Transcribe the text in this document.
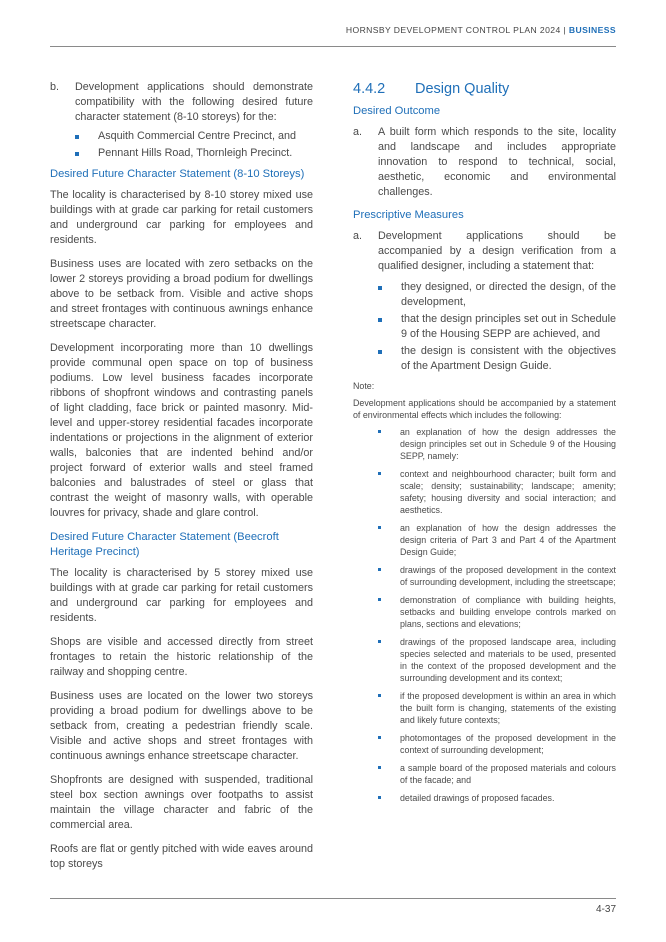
HORNSBY DEVELOPMENT CONTROL PLAN 2024 | BUSINESS
b.	Development applications should demonstrate compatibility with the following desired future character statement (8-10 storeys) for the:
Asquith Commercial Centre Precinct, and
Pennant Hills Road, Thornleigh Precinct.

Desired Future Character Statement (8-10 Storeys)

The locality is characterised by 8-10 storey mixed use buildings with at grade car parking for retail customers and underground car parking for employees and residents.

Business uses are located with zero setbacks on the lower 2 storeys providing a broad podium for dwellings above to be setback from. Visible and active shops and street frontages with continuous awnings enhance streetscape character.

Development incorporating more than 10 dwellings provide communal open space on top of business podiums. Low level business facades incorporate ribbons of shopfront windows and contrasting panels of light cladding, face brick or painted masonry. Mid-level and upper-storey residential facades incorporate indentations or projections in the alignment of exterior walls, balconies that are indented behind and/or project forward of exterior walls and steel framed balconies and balustrades of steel or glass that contrast the weight of masonry walls, with operable louvres for privacy, shade and glare control.

Desired Future Character Statement (Beecroft Heritage Precinct)

The locality is characterised by 5 storey mixed use buildings with at grade car parking for retail customers and underground car parking for employees and residents.

Shops are visible and accessed directly from street frontages to retain the historic relationship of the railway and shopping centre.

Business uses are located on the lower two storeys providing a broad podium for dwellings above to be setback from, creating a pedestrian friendly scale. Visible and active shops and street frontages with continuous awnings enhance streetscape character.

Shopfronts are designed with suspended, traditional steel box section awnings over footpaths to assist maintain the village character and fabric of the commercial area.

Roofs are flat or gently pitched with wide eaves around top storeys

4.4.2 Design Quality

Desired Outcome

a.	A built form which responds to the site, locality and landscape and includes appropriate innovation to respond to technical, social, aesthetic, economic and environmental challenges.

Prescriptive Measures

a.	Development applications should be accompanied by a design verification from a qualified designer, including a statement that:
they designed, or directed the design, of the development,
that the design principles set out in Schedule 9 of the Housing SEPP are achieved, and
the design is consistent with the objectives of the Apartment Design Guide.

Note:

Development applications should be accompanied by a statement of environmental effects which includes the following:

an explanation of how the design addresses the design principles set out in Schedule 9 of the Housing SEPP, namely:
context and neighbourhood character; built form and scale; density; sustainability; landscape; amenity; safety; housing diversity and social interaction; and aesthetics.
an explanation of how the design addresses the design criteria of Part 3 and Part 4 of the Apartment Design Guide;
drawings of the proposed development in the context of surrounding development, including the streetscape;
demonstration of compliance with building heights, setbacks and building envelope controls marked on plans, sections and elevations;
drawings of the proposed landscape area, including species selected and materials to be used, presented in the context of the proposed development and the surrounding development and its context;
if the proposed development is within an area in which the built form is changing, statements of the existing and likely future contexts;
photomontages of the proposed development in the context of surrounding development;
a sample board of the proposed materials and colours of the facade; and
detailed drawings of proposed facades.
4-37
